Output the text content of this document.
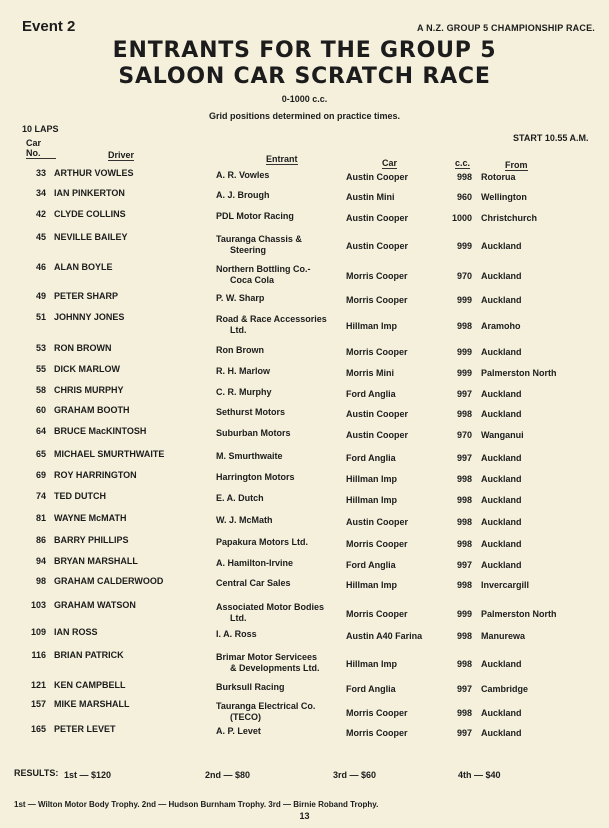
Event 2	A N.Z. GROUP 5 CHAMPIONSHIP RACE.
ENTRANTS FOR THE GROUP 5
SALOON CAR SCRATCH RACE
0-1000 c.c.
Grid positions determined on practice times.
10 LAPS
START 10.55 A.M.
Car No.	Driver	Entrant	Car	c.c.	From
33 ARTHUR VOWLES	A. R. Vowles	Austin Cooper	998 Rotorua
34 IAN PINKERTON	A. J. Brough	Austin Mini	960 Wellington
42 CLYDE COLLINS	PDL Motor Racing	Austin Cooper	1000 Christchurch
45 NEVILLE BAILEY	Tauranga Chassis &
Steering	Austin Cooper	999 Auckland
46 ALAN BOYLE	Northern Bottling Co.-
Coca Cola	Morris Cooper	970 Auckland
49 PETER SHARP	P. W. Sharp	Morris Cooper	999 Auckland
51 JOHNNY JONES	Road & Race Accessories
Ltd.	Hillman Imp	998 Aramoho
53 RON BROWN	Ron Brown	Morris Cooper	999 Auckland
55 DICK MARLOW	R. H. Marlow	Morris Mini	999 Palmerston North
58 CHRIS MURPHY	C. R. Murphy	Ford Anglia	997 Auckland
60 GRAHAM BOOTH	Sethurst Motors	Austin Cooper	998 Auckland
64 BRUCE MacKINTOSH	Suburban Motors	Austin Cooper	970 Wanganui
65 MICHAEL SMURTHWAITE	M. Smurthwaite	Ford Anglia	997 Auckland
69 ROY HARRINGTON	Harrington Motors	Hillman Imp	998 Auckland
74 TED DUTCH	E. A. Dutch	Hillman Imp	998 Auckland
81 WAYNE McMATH	W. J. McMath	Austin Cooper	998 Auckland
86 BARRY PHILLIPS	Papakura Motors Ltd.	Morris Cooper	998 Auckland
94 BRYAN MARSHALL	A. Hamilton-Irvine	Ford Anglia	997 Auckland
98 GRAHAM CALDERWOOD	Central Car Sales	Hillman Imp	998 Invercargill
103 GRAHAM WATSON	Associated Motor Bodies
Ltd.	Morris Cooper	999 Palmerston North
109 IAN ROSS	I. A. Ross	Austin A40 Farina	998 Manurewa
116 BRIAN PATRICK	Brimar Motor Servicees
& Developments Ltd.	Hillman Imp	998 Auckland
121 KEN CAMPBELL	Burksull Racing	Ford Anglia	997 Cambridge
157 MIKE MARSHALL	Tauranga Electrical Co.
(TECO)	Morris Cooper	998 Auckland
165 PETER LEVET	A. P. Levet	Morris Cooper	997 Auckland
RESULTS: 1st — $120	2nd — $80	3rd — $60	4th — $40
1st — Wilton Motor Body Trophy. 2nd — Hudson Burnham Trophy. 3rd — Birnie Roband Trophy.
13
